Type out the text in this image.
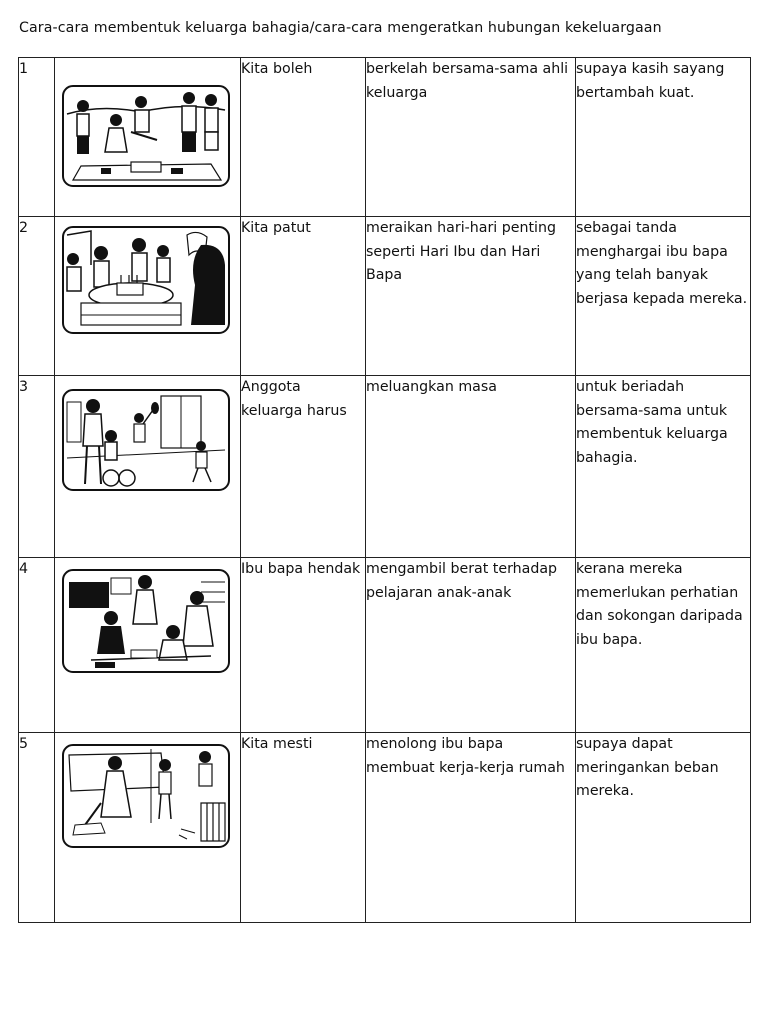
Cara-cara membentuk keluarga bahagia/cara-cara mengeratkan hubungan kekeluargaan
1		Kita boleh	berkelah bersama-sama ahli keluarga	supaya kasih sayang bertambah kuat.
2		Kita patut	meraikan hari-hari penting seperti Hari Ibu dan Hari Bapa	sebagai tanda menghargai ibu bapa yang telah banyak berjasa kepada mereka.
3		Anggota keluarga harus	meluangkan masa	untuk beriadah bersama-sama untuk membentuk keluarga bahagia.
4		Ibu bapa hendak	mengambil berat terhadap pelajaran anak-anak	kerana mereka memerlukan perhatian dan sokongan daripada ibu bapa.
5		Kita mesti	menolong ibu bapa membuat kerja-kerja rumah	supaya dapat meringankan beban mereka.
